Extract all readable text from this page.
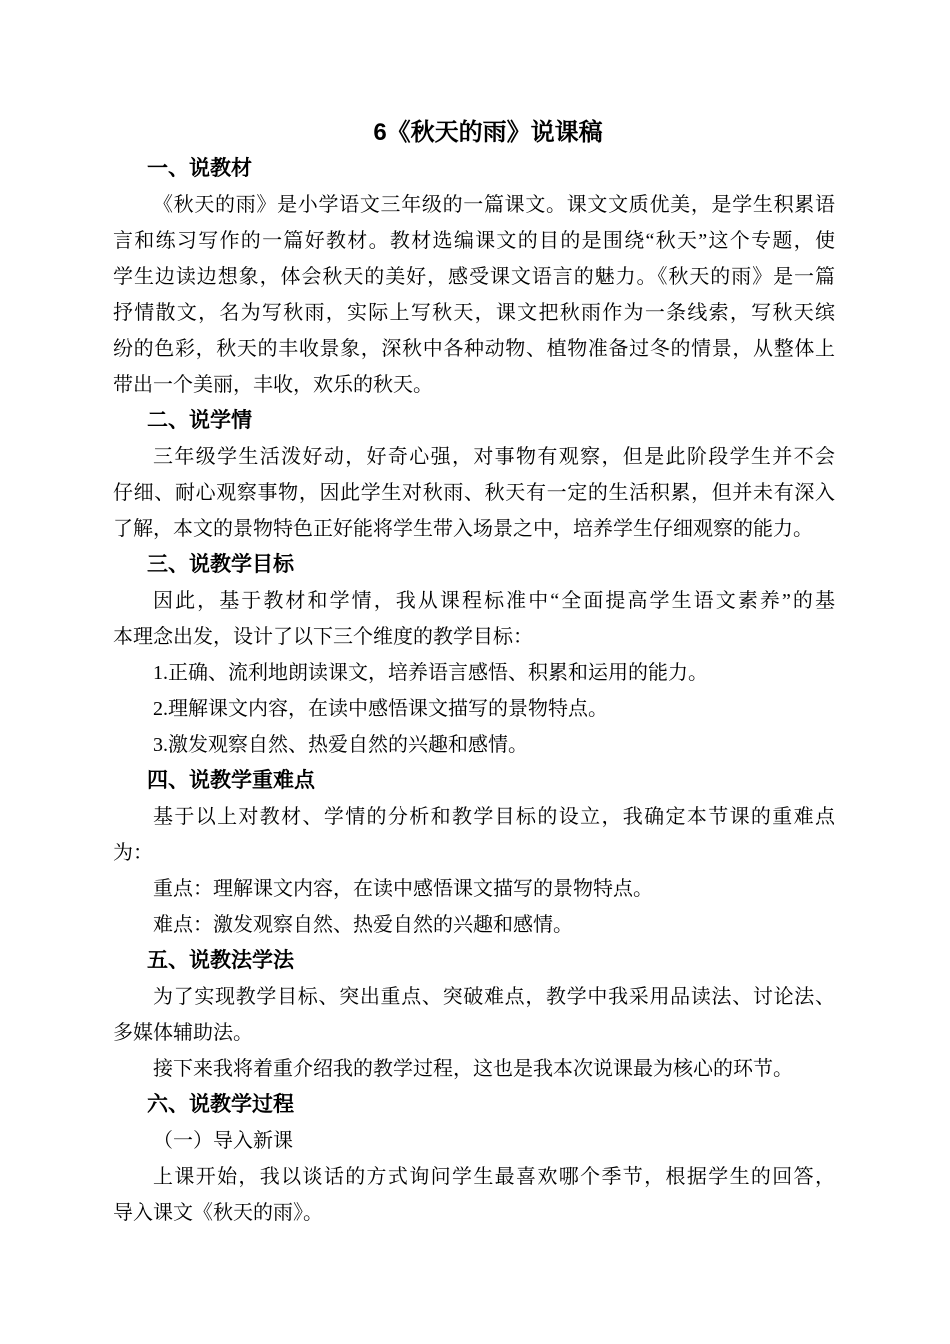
6《秋天的雨》说课稿
一、说教材
《秋天的雨》是小学语文三年级的一篇课文。课文文质优美，是学生积累语
言和练习写作的一篇好教材。教材选编课文的目的是围绕“秋天”这个专题，使
学生边读边想象，体会秋天的美好，感受课文语言的魅力。《秋天的雨》是一篇
抒情散文，名为写秋雨，实际上写秋天，课文把秋雨作为一条线索，写秋天缤
纷的色彩，秋天的丰收景象，深秋中各种动物、植物准备过冬的情景，从整体上
带出一个美丽，丰收，欢乐的秋天。
二、说学情
三年级学生活泼好动，好奇心强，对事物有观察，但是此阶段学生并不会
仔细、耐心观察事物，因此学生对秋雨、秋天有一定的生活积累，但并未有深入
了解，本文的景物特色正好能将学生带入场景之中，培养学生仔细观察的能力。
三、说教学目标
因此，基于教材和学情，我从课程标准中“全面提高学生语文素养”的基
本理念出发，设计了以下三个维度的教学目标：
1.正确、流利地朗读课文，培养语言感悟、积累和运用的能力。
2.理解课文内容，在读中感悟课文描写的景物特点。
3.激发观察自然、热爱自然的兴趣和感情。
四、说教学重难点
基于以上对教材、学情的分析和教学目标的设立，我确定本节课的重难点
为：
重点：理解课文内容，在读中感悟课文描写的景物特点。
难点：激发观察自然、热爱自然的兴趣和感情。
五、说教法学法
为了实现教学目标、突出重点、突破难点，教学中我采用品读法、讨论法、
多媒体辅助法。
接下来我将着重介绍我的教学过程，这也是我本次说课最为核心的环节。
六、说教学过程
（一）导入新课
上课开始，我以谈话的方式询问学生最喜欢哪个季节，根据学生的回答，
导入课文《秋天的雨》。
